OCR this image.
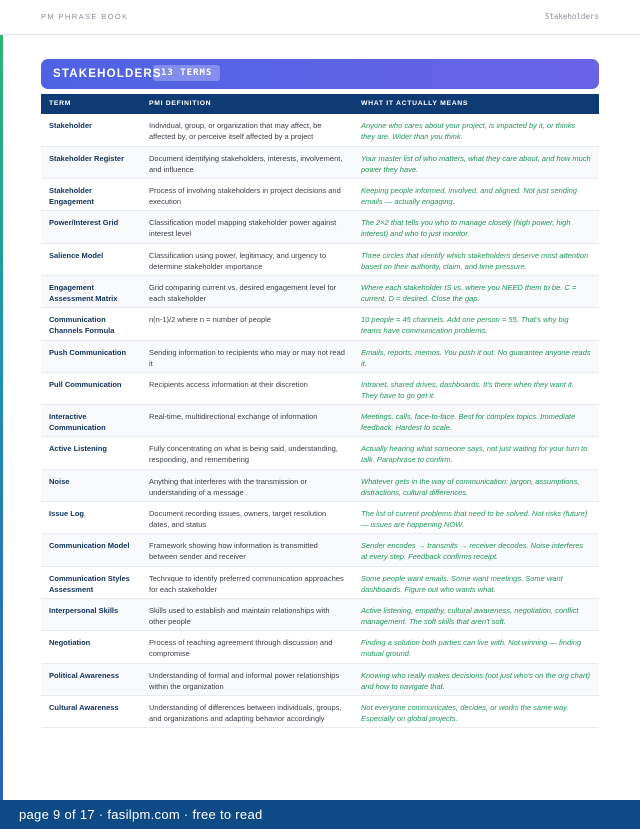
PM PHRASE BOOK	Stakeholders
STAKEHOLDERS 13 TERMS
TERM	PMI DEFINITION	WHAT IT ACTUALLY MEANS
Stakeholder	Individual, group, or organization that may affect, be affected by, or perceive itself affected by a project	Anyone who cares about your project, is impacted by it, or thinks they are. Wider than you think.
Stakeholder Register	Document identifying stakeholders, interests, involvement, and influence	Your master list of who matters, what they care about, and how much power they have.
Stakeholder Engagement	Process of involving stakeholders in project decisions and execution	Keeping people informed, involved, and aligned. Not just sending emails — actually engaging.
Power/Interest Grid	Classification model mapping stakeholder power against interest level	The 2×2 that tells you who to manage closely (high power, high interest) and who to just monitor.
Salience Model	Classification using power, legitimacy, and urgency to determine stakeholder importance	Three circles that identify which stakeholders deserve most attention based on their authority, claim, and time pressure.
Engagement Assessment Matrix	Grid comparing current vs. desired engagement level for each stakeholder	Where each stakeholder IS vs. where you NEED them to be. C = current, D = desired. Close the gap.
Communication Channels Formula	n(n-1)/2 where n = number of people	10 people = 45 channels. Add one person = 55. That's why big teams have communication problems.
Push Communication	Sending information to recipients who may or may not read it	Emails, reports, memos. You push it out. No guarantee anyone reads it.
Pull Communication	Recipients access information at their discretion	Intranet, shared drives, dashboards. It's there when they want it. They have to go get it.
Interactive Communication	Real-time, multidirectional exchange of information	Meetings, calls, face-to-face. Best for complex topics. Immediate feedback. Hardest to scale.
Active Listening	Fully concentrating on what is being said, understanding, responding, and remembering	Actually hearing what someone says, not just waiting for your turn to talk. Paraphrase to confirm.
Noise	Anything that interferes with the transmission or understanding of a message	Whatever gets in the way of communication: jargon, assumptions, distractions, cultural differences.
Issue Log	Document recording issues, owners, target resolution dates, and status	The list of current problems that need to be solved. Not risks (future) — issues are happening NOW.
Communication Model	Framework showing how information is transmitted between sender and receiver	Sender encodes → transmits → receiver decodes. Noise interferes at every step. Feedback confirms receipt.
Communication Styles Assessment	Technique to identify preferred communication approaches for each stakeholder	Some people want emails. Some want meetings. Some want dashboards. Figure out who wants what.
Interpersonal Skills	Skills used to establish and maintain relationships with other people	Active listening, empathy, cultural awareness, negotiation, conflict management. The soft skills that aren't soft.
Negotiation	Process of reaching agreement through discussion and compromise	Finding a solution both parties can live with. Not winning — finding mutual ground.
Political Awareness	Understanding of formal and informal power relationships within the organization	Knowing who really makes decisions (not just who's on the org chart) and how to navigate that.
Cultural Awareness	Understanding of differences between individuals, groups, and organizations and adapting behavior accordingly	Not everyone communicates, decides, or works the same way. Especially on global projects.
page 9 of 17 · fasilpm.com · free to read
